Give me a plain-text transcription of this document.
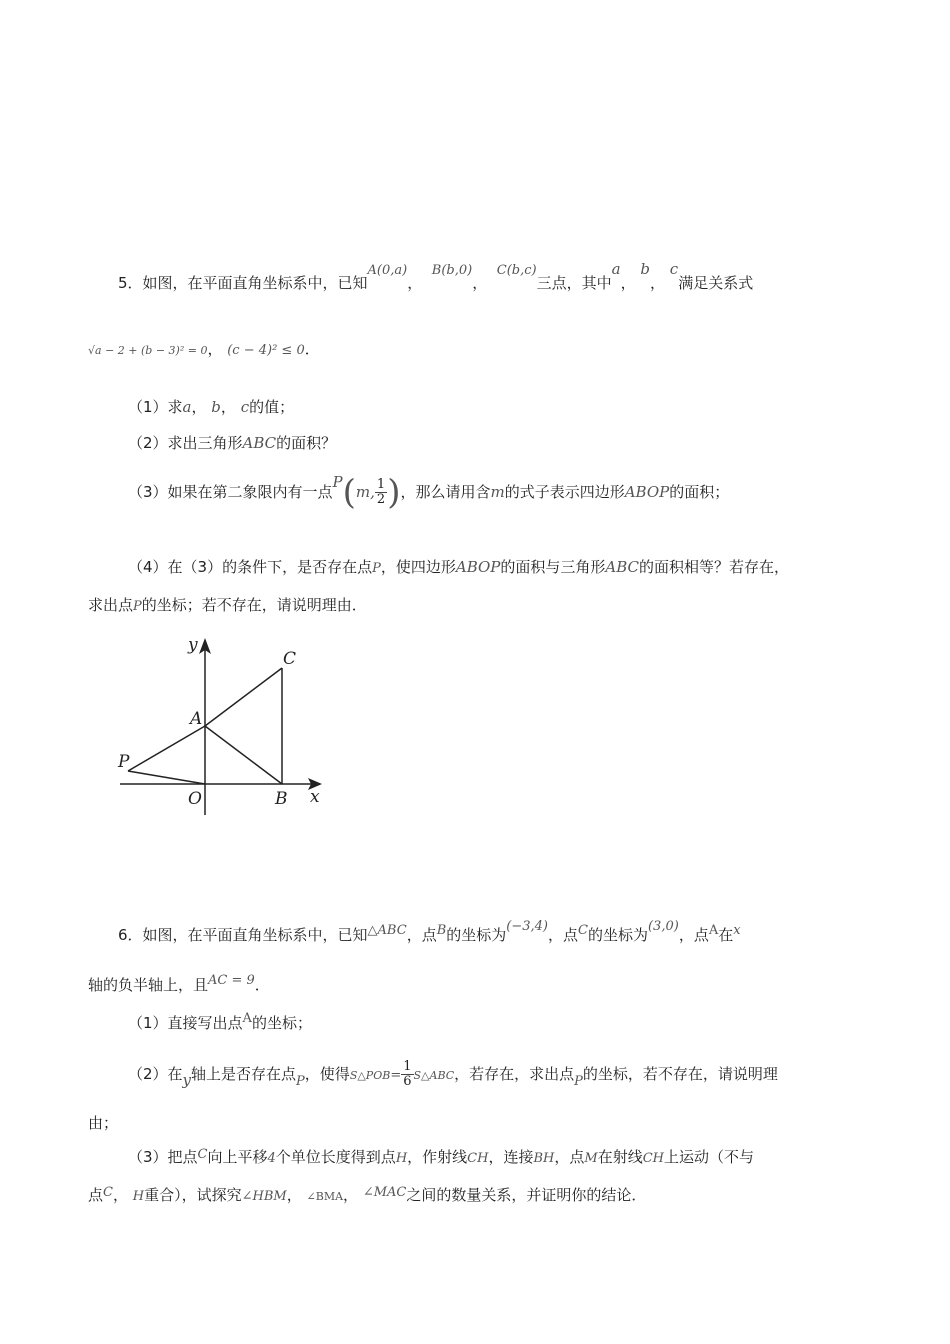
5．如图，在平面直角坐标系中，已知A(0,a)，  B(b,0)，  C(b,c)三点，其中a， b， c满足关系式
√a − 2 + (b − 3)² = 0， (c − 4)² ≤ 0．
（1）求a， b， c的值；
（2）求出三角形ABC的面积？
（3）如果在第二象限内有一点P(m, $\frac{1}{2}$ )，那么请用含m的式子表示四边形ABOP的面积；
（4）在（3）的条件下，是否存在点P，使四边形ABOP的面积与三角形ABC的面积相等？若存在，
求出点P的坐标；若不存在，请说明理由．
y
x
C
A
P
O	B
6．如图，在平面直角坐标系中，已知△ABC，点B的坐标为(−3,4)，点C的坐标为(3,0)，点A在x
轴的负半轴上，且AC = 9．
（1）直接写出点A的坐标；
（2）在y轴上是否存在点P，使得S△POB= $\frac{1}{6}$ S△ABC，若存在，求出点P的坐标，若不存在，请说明理
由；
（3）把点C向上平移4个单位长度得到点H，作射线CH，连接BH，点M在射线CH上运动（不与
点C， H重合），试探究∠HBM， ∠BMA， ∠MAC之间的数量关系，并证明你的结论．
